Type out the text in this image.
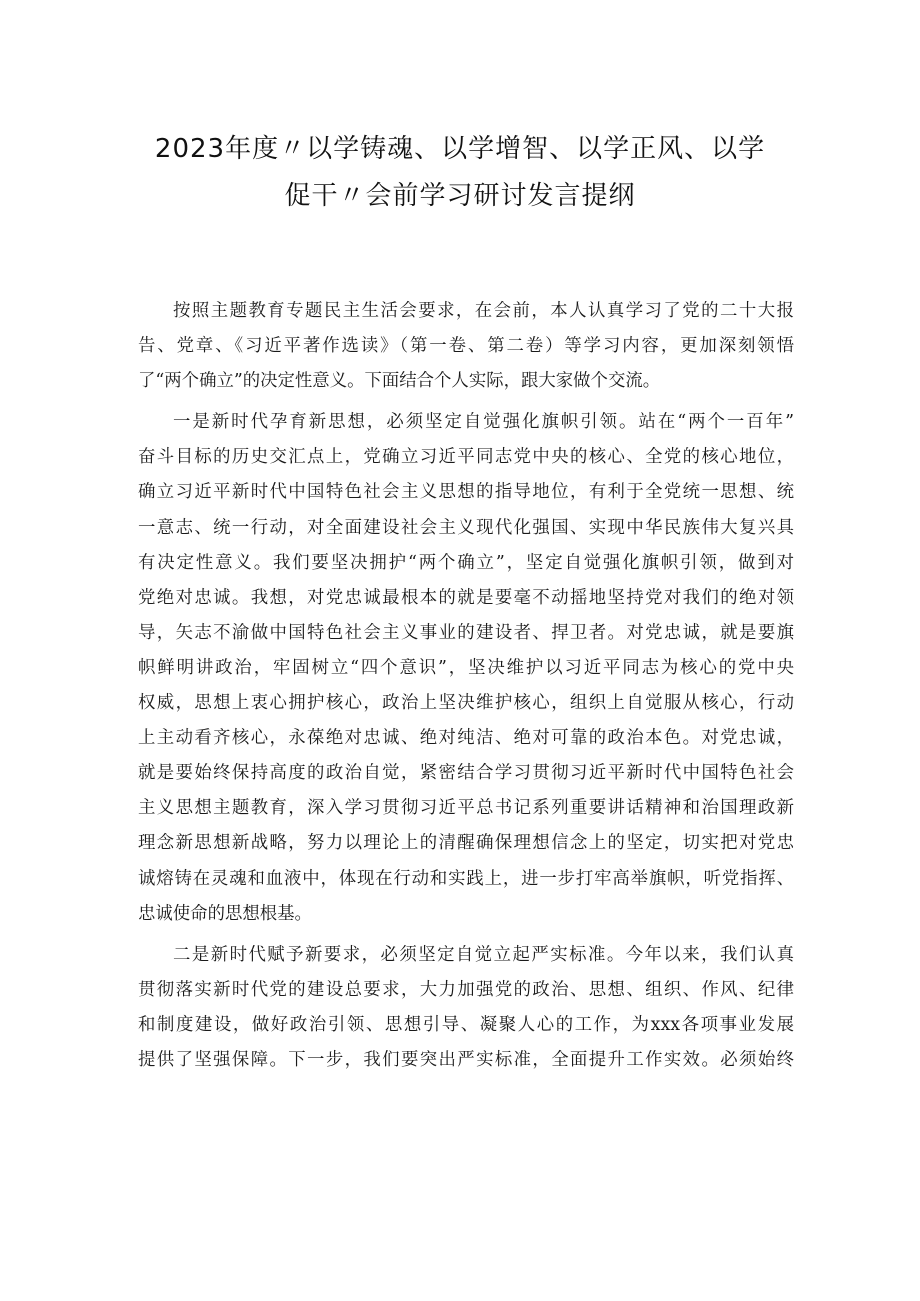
2023年度〃以学铸魂、以学增智、以学正风、以学
促干〃会前学习研讨发言提纲

按照主题教育专题民主生活会要求，在会前，本人认真学习了党的二十大报
告、党章、《习近平著作选读》（第一卷、第二卷）等学习内容，更加深刻领悟
了“两个确立”的决定性意义。下面结合个人实际，跟大家做个交流。

一是新时代孕育新思想，必须坚定自觉强化旗帜引领。站在“两个一百年”
奋斗目标的历史交汇点上，党确立习近平同志党中央的核心、全党的核心地位，
确立习近平新时代中国特色社会主义思想的指导地位，有利于全党统一思想、统
一意志、统一行动，对全面建设社会主义现代化强国、实现中华民族伟大复兴具
有决定性意义。我们要坚决拥护“两个确立”，坚定自觉强化旗帜引领，做到对
党绝对忠诚。我想，对党忠诚最根本的就是要毫不动摇地坚持党对我们的绝对领
导，矢志不渝做中国特色社会主义事业的建设者、捍卫者。对党忠诚，就是要旗
帜鲜明讲政治，牢固树立“四个意识”，坚决维护以习近平同志为核心的党中央
权威，思想上衷心拥护核心，政治上坚决维护核心，组织上自觉服从核心，行动
上主动看齐核心，永葆绝对忠诚、绝对纯洁、绝对可靠的政治本色。对党忠诚，
就是要始终保持高度的政治自觉，紧密结合学习贯彻习近平新时代中国特色社会
主义思想主题教育，深入学习贯彻习近平总书记系列重要讲话精神和治国理政新
理念新思想新战略，努力以理论上的清醒确保理想信念上的坚定，切实把对党忠
诚熔铸在灵魂和血液中，体现在行动和实践上，进一步打牢高举旗帜，听党指挥、
忠诚使命的思想根基。

二是新时代赋予新要求，必须坚定自觉立起严实标准。今年以来，我们认真
贯彻落实新时代党的建设总要求，大力加强党的政治、思想、组织、作风、纪律
和制度建设，做好政治引领、思想引导、凝聚人心的工作，为xxx各项事业发展
提供了坚强保障。下一步，我们要突出严实标准，全面提升工作实效。必须始终
